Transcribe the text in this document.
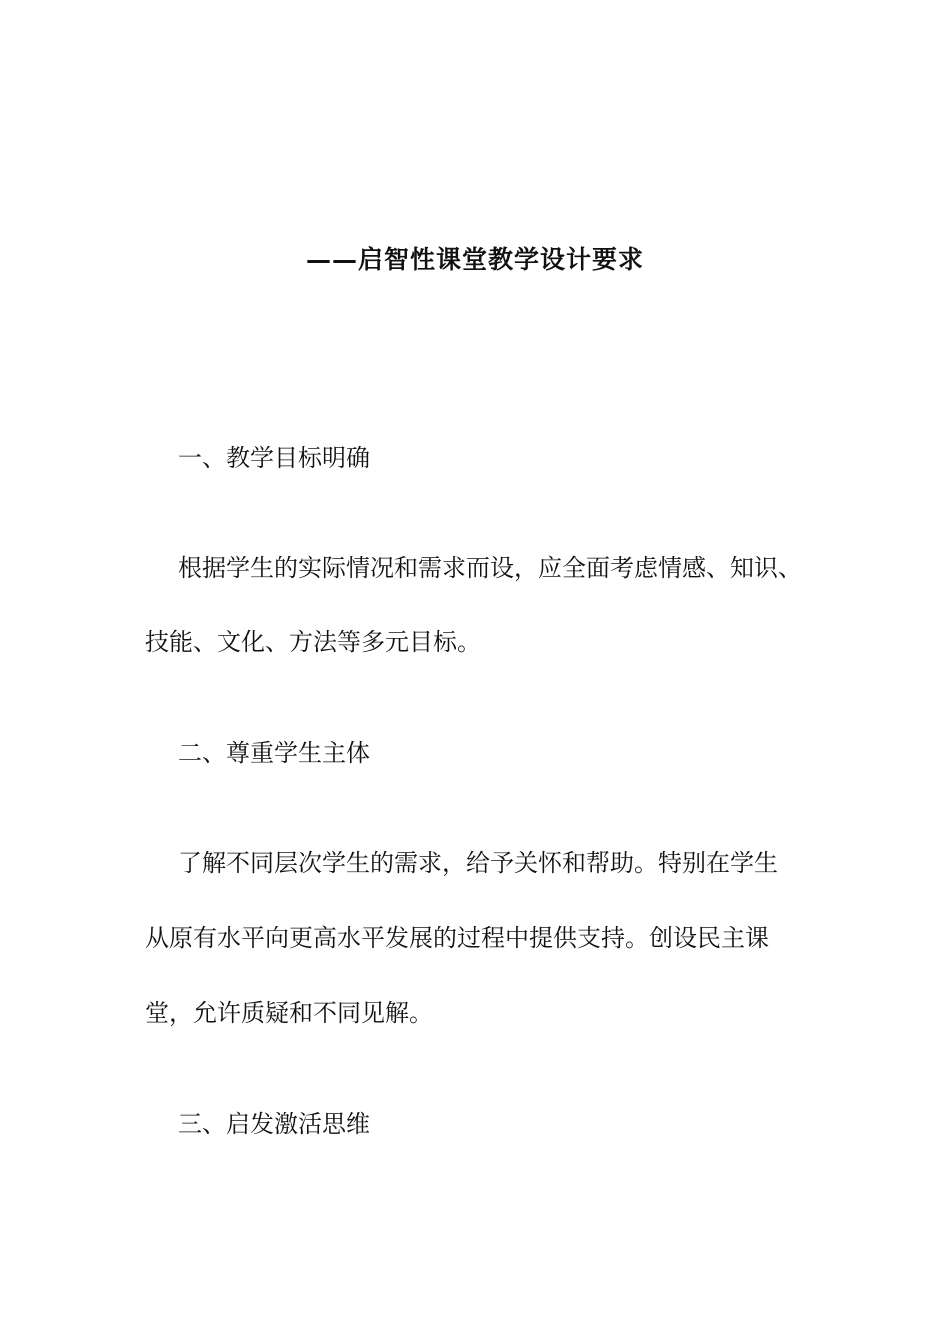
——启智性课堂教学设计要求
一、教学目标明确
根据学生的实际情况和需求而设，应全面考虑情感、知识、
技能、文化、方法等多元目标。
二、尊重学生主体
了解不同层次学生的需求，给予关怀和帮助。特别在学生
从原有水平向更高水平发展的过程中提供支持。创设民主课
堂，允许质疑和不同见解。
三、启发激活思维
